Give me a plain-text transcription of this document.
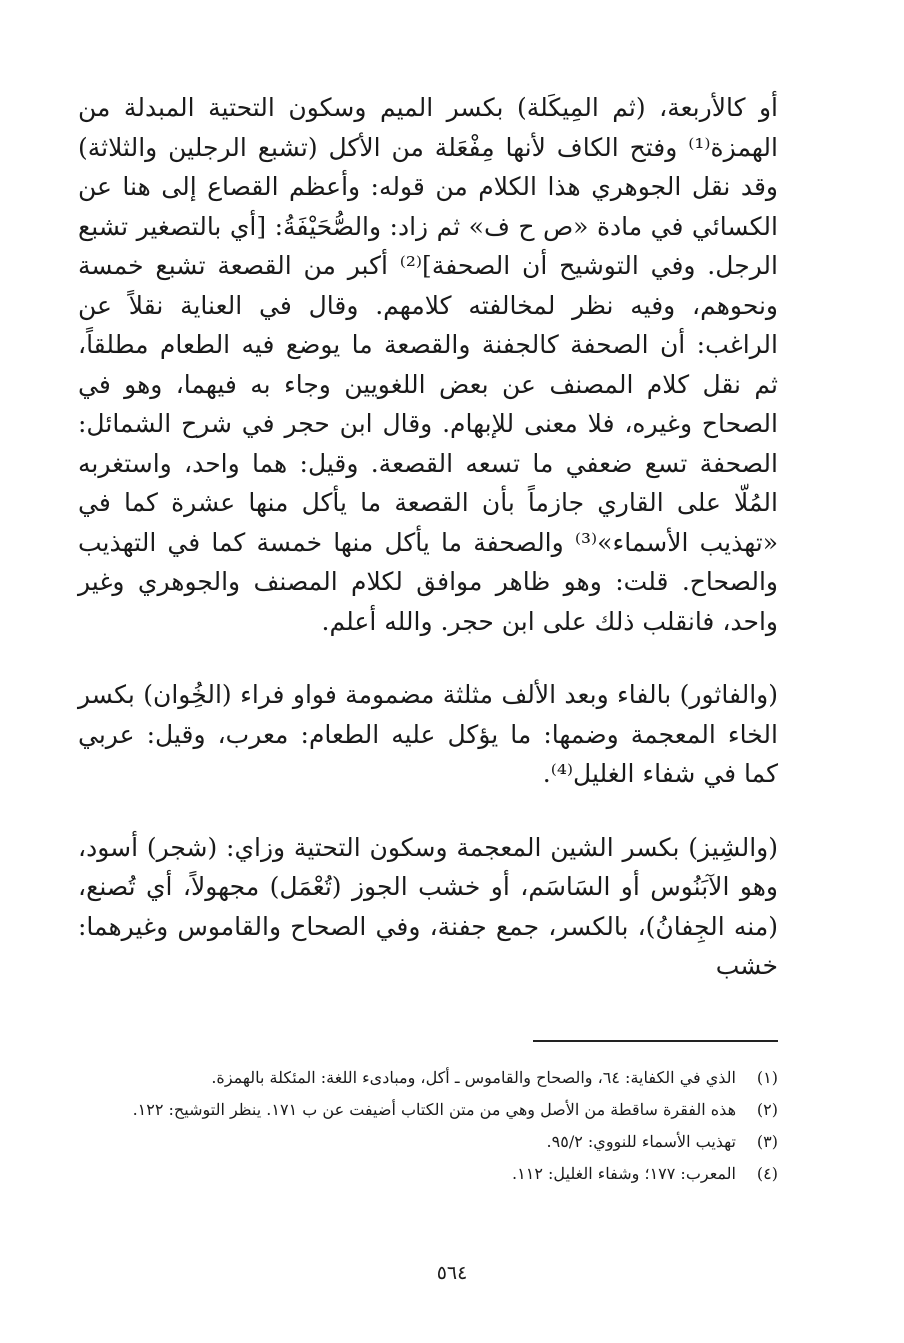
أو كالأربعة، (ثم المِيكَلة) بكسر الميم وسكون التحتية المبدلة من الهمزة⁽¹⁾ وفتح الكاف لأنها مِفْعَلة من الأكل (تشبع الرجلين والثلاثة) وقد نقل الجوهري هذا الكلام من قوله: وأعظم القصاع إلى هنا عن الكسائي في مادة «ص ح ف» ثم زاد: والصُّحَيْفَةُ: [أي بالتصغير تشبع الرجل. وفي التوشيح أن الصحفة]⁽²⁾ أكبر من القصعة تشبع خمسة ونحوهم، وفيه نظر لمخالفته كلامهم. وقال في العناية نقلاً عن الراغب: أن الصحفة كالجفنة والقصعة ما يوضع فيه الطعام مطلقاً، ثم نقل كلام المصنف عن بعض اللغويين وجاء به فيهما، وهو في الصحاح وغيره، فلا معنى للإبهام. وقال ابن حجر في شرح الشمائل: الصحفة تسع ضعفي ما تسعه القصعة. وقيل: هما واحد، واستغربه المُلّا على القاري جازماً بأن القصعة ما يأكل منها عشرة كما في «تهذيب الأسماء»⁽³⁾ والصحفة ما يأكل منها خمسة كما في التهذيب والصحاح. قلت: وهو ظاهر موافق لكلام المصنف والجوهري وغير واحد، فانقلب ذلك على ابن حجر. والله أعلم.

(والفاثور) بالفاء وبعد الألف مثلثة مضمومة فواو فراء (الخُِوان) بكسر الخاء المعجمة وضمها: ما يؤكل عليه الطعام: معرب، وقيل: عربي كما في شفاء الغليل⁽⁴⁾.

(والشِيز) بكسر الشين المعجمة وسكون التحتية وزاي: (شجر) أسود، وهو الآبَنُوس أو السَاسَم، أو خشب الجوز (تُعْمَل) مجهولاً، أي تُصنع، (منه الجِفانُ)، بالكسر، جمع جفنة، وفي الصحاح والقاموس وغيرهما: خشب

(١)
الذي في الكفاية: ٦٤، والصحاح والقاموس ـ أكل، ومبادىء اللغة: المئكلة بالهمزة.
(٢)
هذه الفقرة ساقطة من الأصل وهي من متن الكتاب أضيفت عن ب ١٧١. ينظر التوشيح: ١٢٢.
(٣)
تهذيب الأسماء للنووي: ٩٥/٢.
(٤)
المعرب: ١٧٧؛ وشفاء الغليل: ١١٢.
٥٦٤
